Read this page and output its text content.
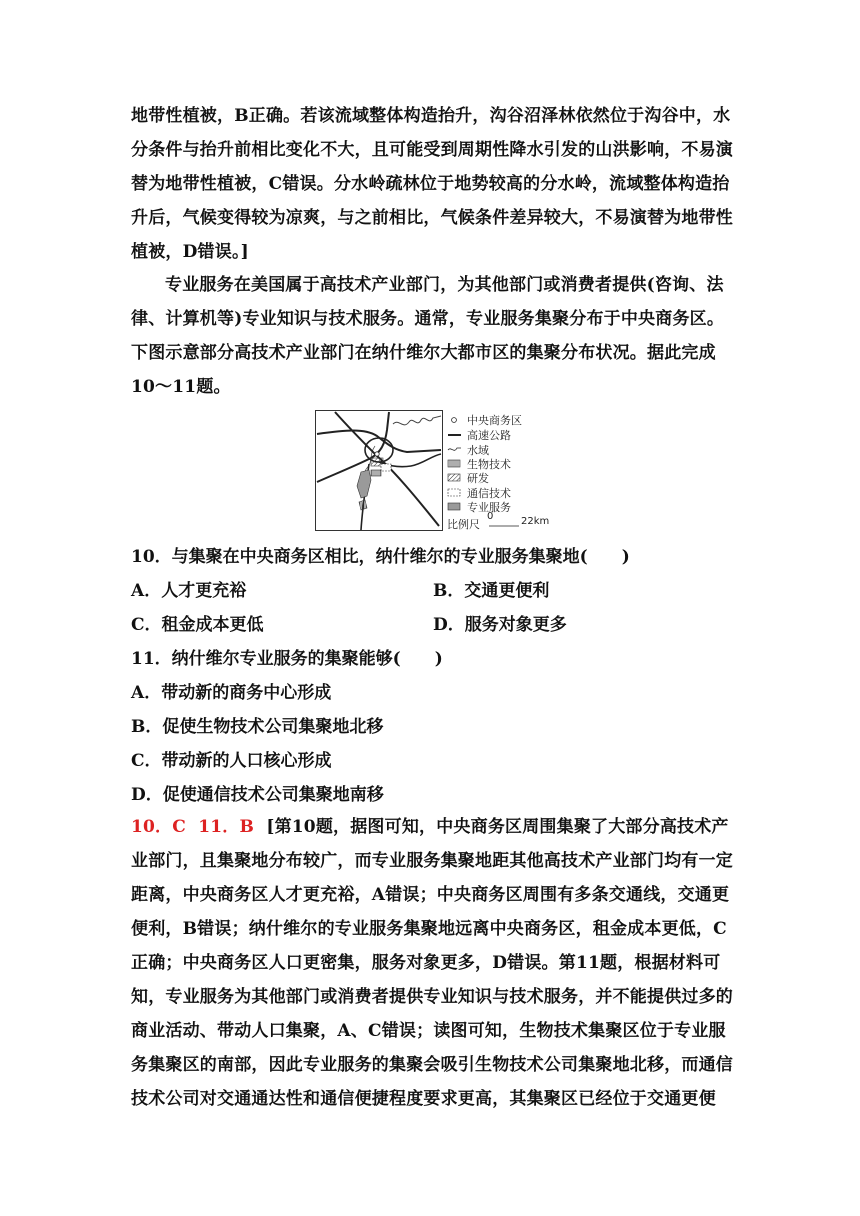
地带性植被，B正确。若该流域整体构造抬升，沟谷沼泽林依然位于沟谷中，水
分条件与抬升前相比变化不大，且可能受到周期性降水引发的山洪影响，不易演
替为地带性植被，C错误。分水岭疏林位于地势较高的分水岭，流域整体构造抬
升后，气候变得较为凉爽，与之前相比，气候条件差异较大，不易演替为地带性
植被，D错误。]
专业服务在美国属于高技术产业部门，为其他部门或消费者提供(咨询、法
律、计算机等)专业知识与技术服务。通常，专业服务集聚分布于中央商务区。
下图示意部分高技术产业部门在纳什维尔大都市区的集聚分布状况。据此完成
10～11题。
中央商务区
高速公路
水域
生物技术
研发
通信技术
专业服务
比例尺
0	22km
10．与集聚在中央商务区相比，纳什维尔的专业服务集聚地(　　)
A．人才更充裕	B．交通更便利
C．租金成本更低	D．服务对象更多
11．纳什维尔专业服务的集聚能够(　　)
A．带动新的商务中心形成
B．促使生物技术公司集聚地北移
C．带动新的人口核心形成
D．促使通信技术公司集聚地南移
10．C 11．B [第10题，据图可知，中央商务区周围集聚了大部分高技术产
业部门，且集聚地分布较广，而专业服务集聚地距其他高技术产业部门均有一定
距离，中央商务区人才更充裕，A错误；中央商务区周围有多条交通线，交通更
便利，B错误；纳什维尔的专业服务集聚地远离中央商务区，租金成本更低，C
正确；中央商务区人口更密集，服务对象更多，D错误。第11题，根据材料可
知，专业服务为其他部门或消费者提供专业知识与技术服务，并不能提供过多的
商业活动、带动人口集聚，A、C错误；读图可知，生物技术集聚区位于专业服
务集聚区的南部，因此专业服务的集聚会吸引生物技术公司集聚地北移，而通信
技术公司对交通通达性和通信便捷程度要求更高，其集聚区已经位于交通更便
